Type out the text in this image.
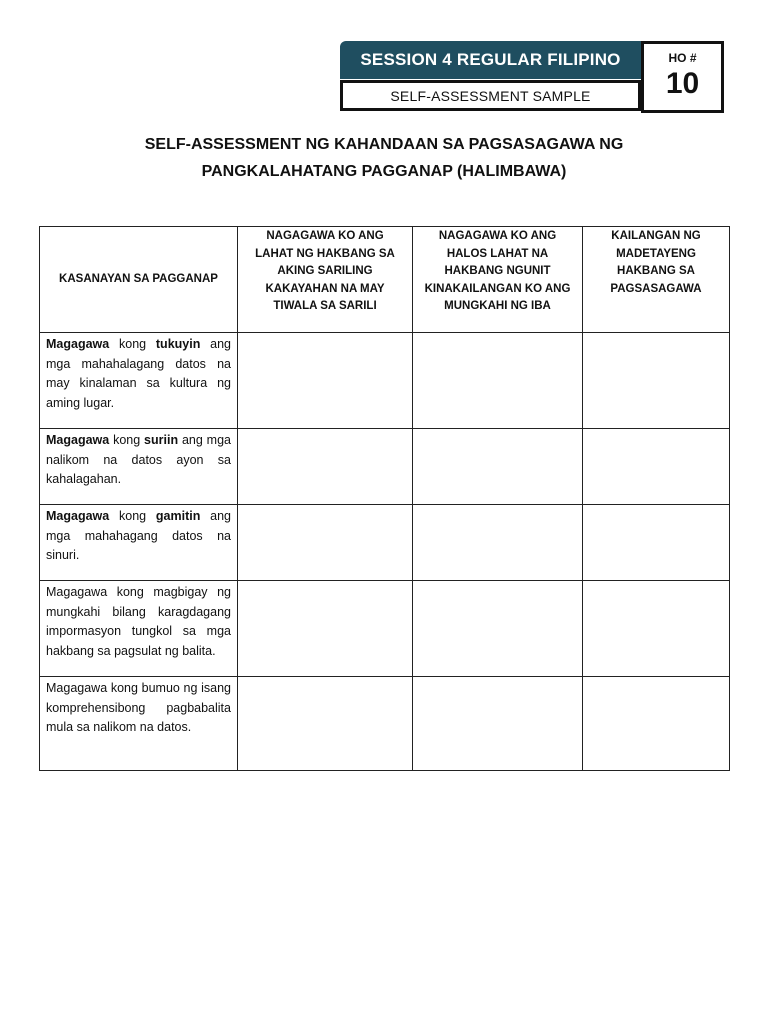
SESSION 4 REGULAR FILIPINO
SELF-ASSESSMENT SAMPLE
HO #
10
SELF-ASSESSMENT NG KAHANDAAN SA PAGSASAGAWA NG
PANGKALAHATANG PAGGANAP (HALIMBAWA)
KASANAYAN SA PAGGANAP	NAGAGAWA KO ANG LAHAT NG HAKBANG SA AKING SARILING KAKAYAHAN NA MAY TIWALA SA SARILI	NAGAGAWA KO ANG HALOS LAHAT NA HAKBANG NGUNIT KINAKAILANGAN KO ANG MUNGKAHI NG IBA	KAILANGAN NG MADETAYENG HAKBANG SA PAGSASAGAWA

Magagawa kong tukuyin ang mga mahahalagang datos na may kinalaman sa kultura ng aming lugar.			
Magagawa kong suriin ang mga nalikom na datos ayon sa kahalagahan.			
Magagawa kong gamitin ang mga mahahagang datos na sinuri.			
Magagawa kong magbigay ng mungkahi bilang karagdagang impormasyon tungkol sa mga hakbang sa pagsulat ng balita.			
Magagawa kong bumuo ng isang komprehensibong pagbabalita mula sa nalikom na datos.			
